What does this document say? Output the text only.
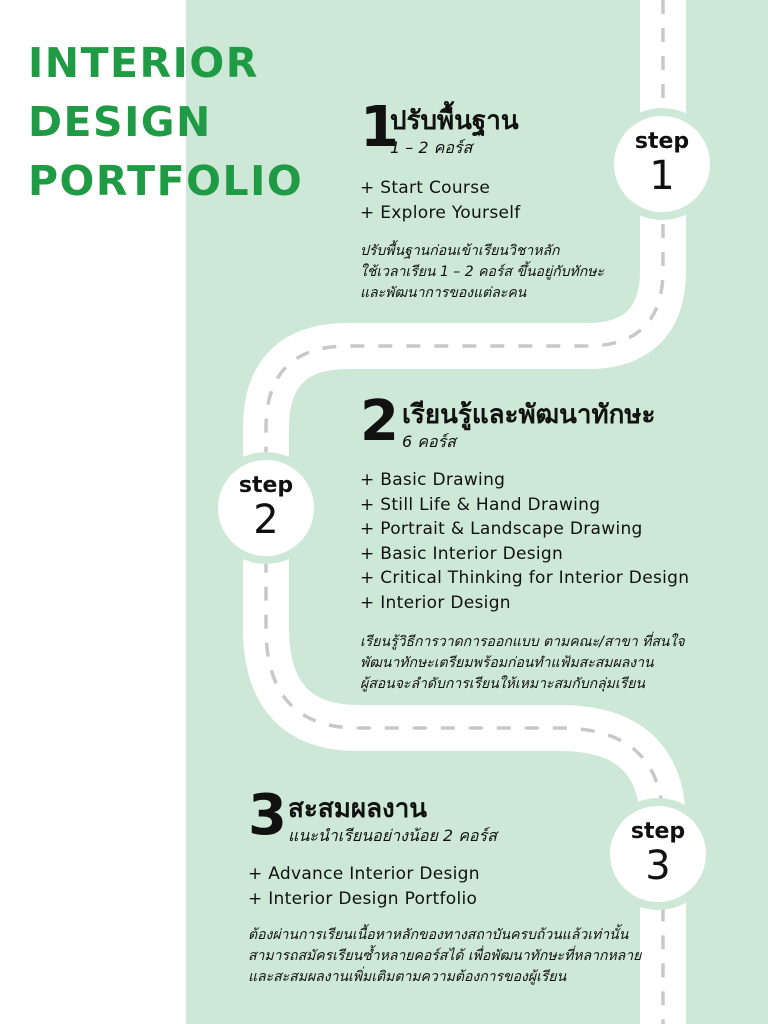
INTERIOR
DESIGN
PORTFOLIO
step
1
step
2
step
3
1
ปรับพื้นฐาน
1 – 2 คอร์ส
+ Start Course
+ Explore Yourself
ปรับพื้นฐานก่อนเข้าเรียนวิชาหลัก
ใช้เวลาเรียน 1 – 2 คอร์ส ขึ้นอยู่กับทักษะ
และพัฒนาการของแต่ละคน
2 เรียนรู้และพัฒนาทักษะ
6 คอร์ส
+ Basic Drawing
+ Still Life & Hand Drawing
+ Portrait & Landscape Drawing
+ Basic Interior Design
+ Critical Thinking for Interior Design
+ Interior Design
เรียนรู้วิธีการวาดการออกแบบ ตามคณะ/สาขา ที่สนใจ
พัฒนาทักษะเตรียมพร้อมก่อนทำแฟ้มสะสมผลงาน
ผู้สอนจะลำดับการเรียนให้เหมาะสมกับกลุ่มเรียน
3 สะสมผลงาน
แนะนำเรียนอย่างน้อย 2 คอร์ส
+ Advance Interior Design
+ Interior Design Portfolio
ต้องผ่านการเรียนเนื้อหาหลักของทางสถาบันครบถ้วนแล้วเท่านั้น
สามารถสมัครเรียนซ้ำหลายคอร์สได้ เพื่อพัฒนาทักษะที่หลากหลาย
และสะสมผลงานเพิ่มเติมตามความต้องการของผู้เรียน
